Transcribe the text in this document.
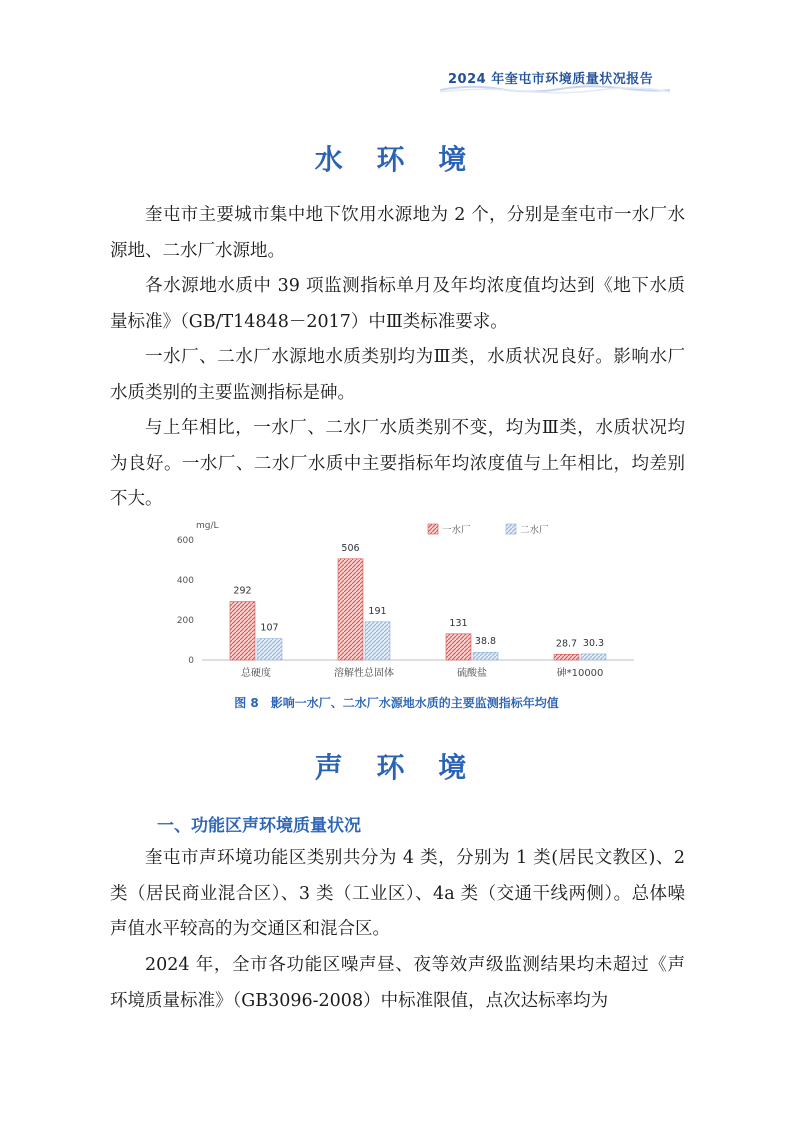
2024 年奎屯市环境质量状况报告
水 环 境

奎屯市主要城市集中地下饮用水源地为 2 个，分别是奎屯市一水厂水源地、二水厂水源地。

各水源地水质中 39 项监测指标单月及年均浓度值均达到《地下水质量标准》（GB/T14848－2017）中Ⅲ类标准要求。

一水厂、二水厂水源地水质类别均为Ⅲ类，水质状况良好。影响水厂水质类别的主要监测指标是砷。

与上年相比，一水厂、二水厂水质类别不变，均为Ⅲ类，水质状况均为良好。一水厂、二水厂水质中主要指标年均浓度值与上年相比，均差别不大。

mg/L
0
200
400
600
292
107
总硬度
506
191
溶解性总固体
131
38.8
硫酸盐
28.7 30.3
砷*10000
一水厂	二水厂
图 8 影响一水厂、二水厂水源地水质的主要监测指标年均值
声 环 境
一、功能区声环境质量状况

奎屯市声环境功能区类别共分为 4 类，分别为 1 类(居民文教区)、2 类（居民商业混合区）、3 类（工业区）、4a 类（交通干线两侧）。总体噪声值水平较高的为交通区和混合区。

2024 年，全市各功能区噪声昼、夜等效声级监测结果均未超过《声环境质量标准》（GB3096-2008）中标准限值，点次达标率均为
